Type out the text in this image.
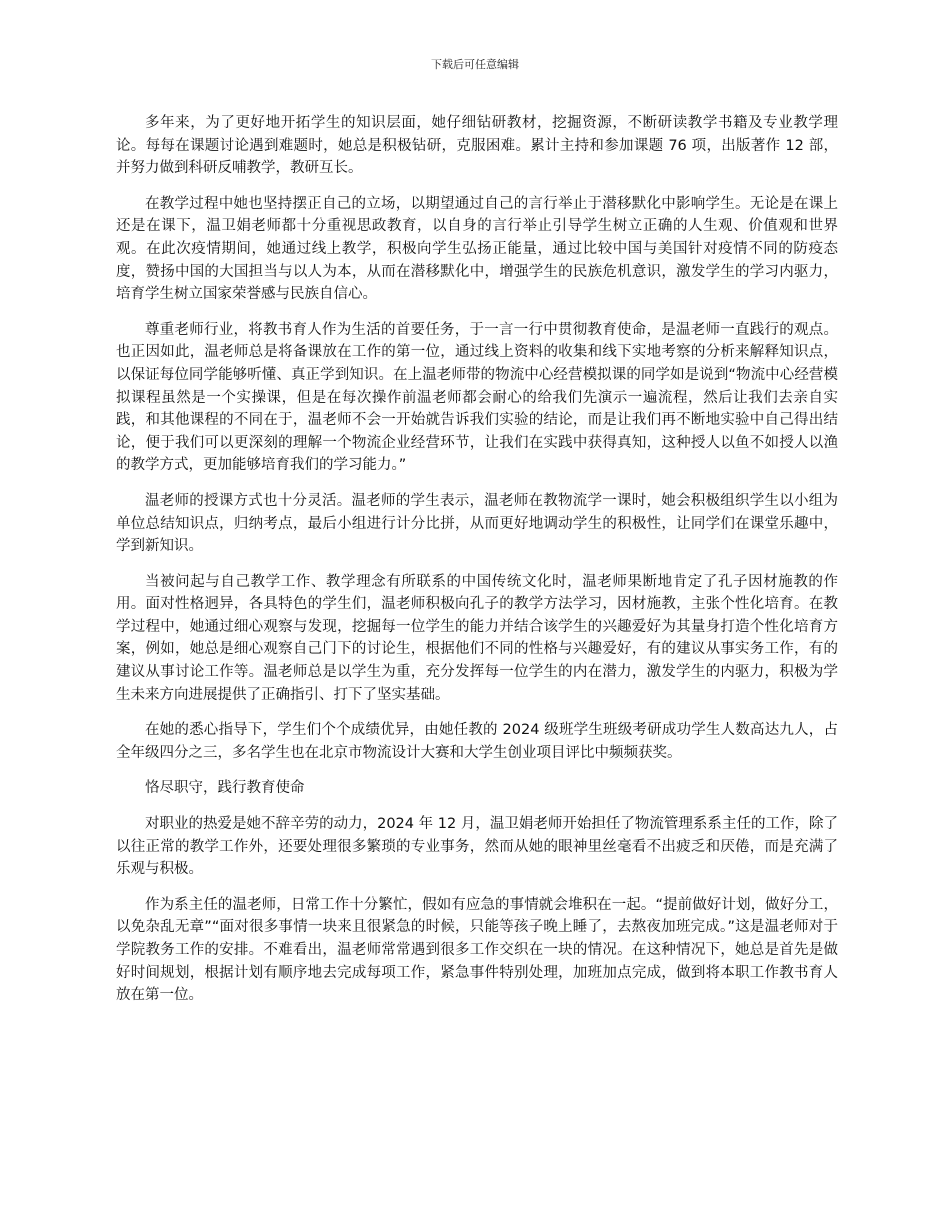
下载后可任意编辑

多年来，为了更好地开拓学生的知识层面，她仔细钻研教材，挖掘资源，不断研读教学书籍及专业教学理论。每每在课题讨论遇到难题时，她总是积极钻研，克服困难。累计主持和参加课题 76 项，出版著作 12 部，并努力做到科研反哺教学，教研互长。

在教学过程中她也坚持摆正自己的立场，以期望通过自己的言行举止于潜移默化中影响学生。无论是在课上还是在课下，温卫娟老师都十分重视思政教育，以自身的言行举止引导学生树立正确的人生观、价值观和世界观。在此次疫情期间，她通过线上教学，积极向学生弘扬正能量，通过比较中国与美国针对疫情不同的防疫态度，赞扬中国的大国担当与以人为本，从而在潜移默化中，增强学生的民族危机意识，激发学生的学习内驱力，培育学生树立国家荣誉感与民族自信心。

尊重老师行业，将教书育人作为生活的首要任务，于一言一行中贯彻教育使命，是温老师一直践行的观点。也正因如此，温老师总是将备课放在工作的第一位，通过线上资料的收集和线下实地考察的分析来解释知识点，以保证每位同学能够听懂、真正学到知识。在上温老师带的物流中心经营模拟课的同学如是说到“物流中心经营模拟课程虽然是一个实操课，但是在每次操作前温老师都会耐心的给我们先演示一遍流程，然后让我们去亲自实践，和其他课程的不同在于，温老师不会一开始就告诉我们实验的结论，而是让我们再不断地实验中自己得出结论，便于我们可以更深刻的理解一个物流企业经营环节，让我们在实践中获得真知，这种授人以鱼不如授人以渔的教学方式，更加能够培育我们的学习能力。”

温老师的授课方式也十分灵活。温老师的学生表示，温老师在教物流学一课时，她会积极组织学生以小组为单位总结知识点，归纳考点，最后小组进行计分比拼，从而更好地调动学生的积极性，让同学们在课堂乐趣中，学到新知识。

当被问起与自己教学工作、教学理念有所联系的中国传统文化时，温老师果断地肯定了孔子因材施教的作用。面对性格迥异，各具特色的学生们，温老师积极向孔子的教学方法学习，因材施教，主张个性化培育。在教学过程中，她通过细心观察与发现，挖掘每一位学生的能力并结合该学生的兴趣爱好为其量身打造个性化培育方案，例如，她总是细心观察自己门下的讨论生，根据他们不同的性格与兴趣爱好，有的建议从事实务工作，有的建议从事讨论工作等。温老师总是以学生为重，充分发挥每一位学生的内在潜力，激发学生的内驱力，积极为学生未来方向进展提供了正确指引、打下了坚实基础。

在她的悉心指导下，学生们个个成绩优异，由她任教的 2024 级班学生班级考研成功学生人数高达九人，占全年级四分之三，多名学生也在北京市物流设计大赛和大学生创业项目评比中频频获奖。

恪尽职守，践行教育使命

对职业的热爱是她不辞辛劳的动力，2024 年 12 月，温卫娟老师开始担任了物流管理系系主任的工作，除了以往正常的教学工作外，还要处理很多繁琐的专业事务，然而从她的眼神里丝毫看不出疲乏和厌倦，而是充满了乐观与积极。

作为系主任的温老师，日常工作十分繁忙，假如有应急的事情就会堆积在一起。“提前做好计划，做好分工，以免杂乱无章”“面对很多事情一块来且很紧急的时候，只能等孩子晚上睡了，去熬夜加班完成。”这是温老师对于学院教务工作的安排。不难看出，温老师常常遇到很多工作交织在一块的情况。在这种情况下，她总是首先是做好时间规划，根据计划有顺序地去完成每项工作，紧急事件特别处理，加班加点完成，做到将本职工作教书育人放在第一位。
